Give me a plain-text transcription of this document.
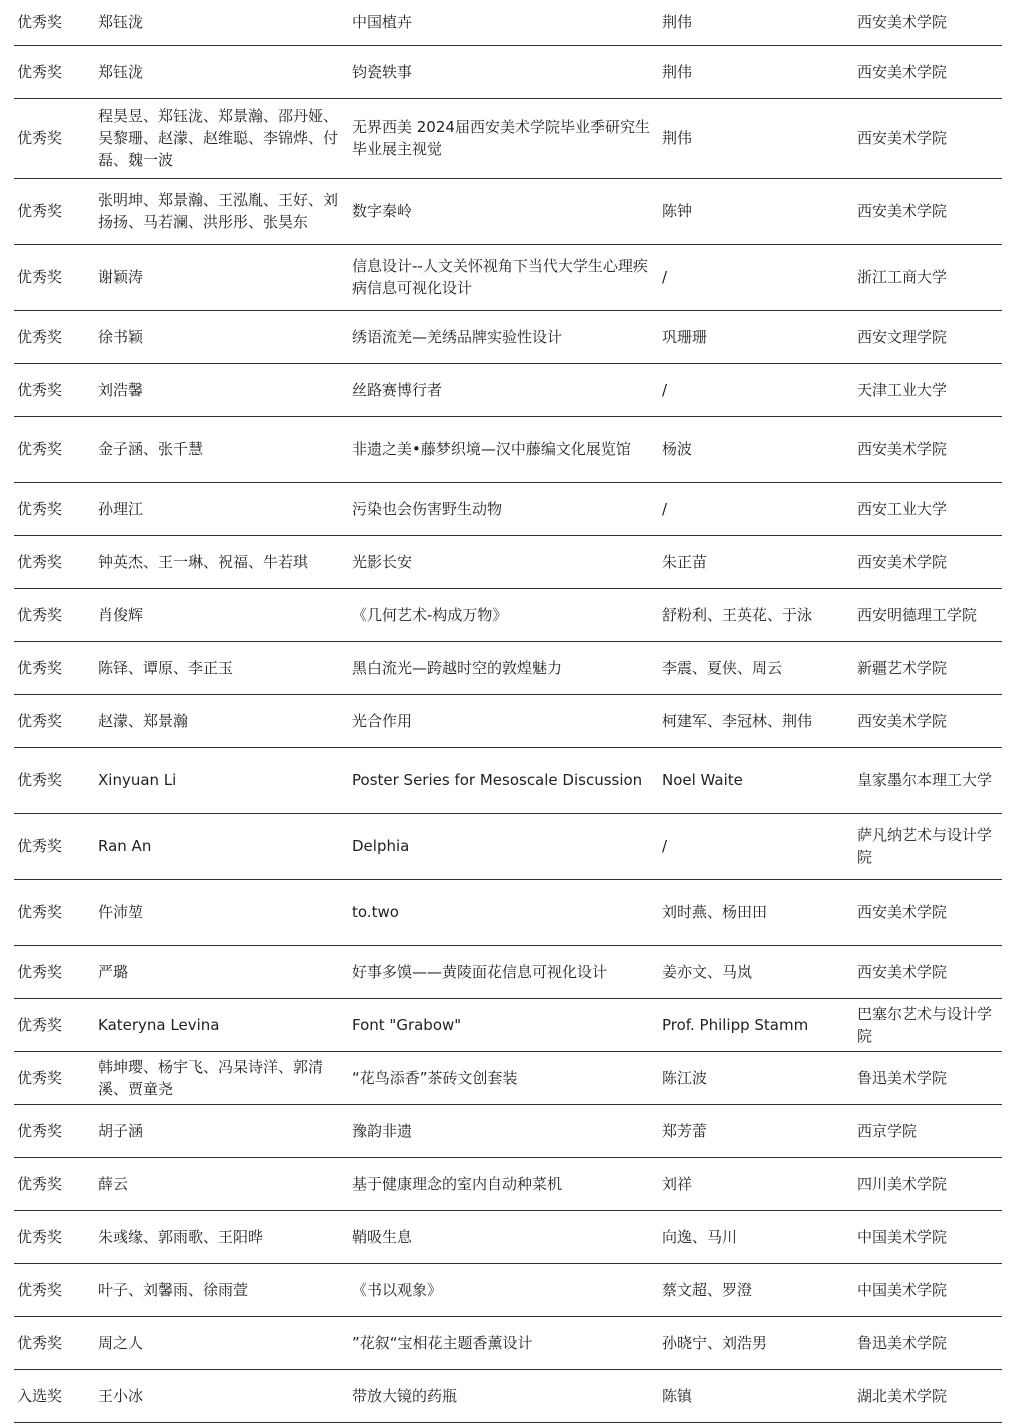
优秀奖	郑钰泷	中国植卉	荆伟	西安美术学院
优秀奖	郑钰泷	钧瓷轶事	荆伟	西安美术学院
优秀奖	程昊昱、郑钰泷、郑景瀚、邵丹娅、吴黎珊、赵濛、赵维聪、李锦烨、付磊、魏一波	无界西美 2024届西安美术学院毕业季研究生毕业展主视觉	荆伟	西安美术学院
优秀奖	张明坤、郑景瀚、王泓胤、王好、刘扬扬、马若澜、洪彤彤、张昊东	数字秦岭	陈钟	西安美术学院
优秀奖	谢颖涛	信息设计--人文关怀视角下当代大学生心理疾病信息可视化设计	/	浙江工商大学
优秀奖	徐书颖	绣语流羌—羌绣品牌实验性设计	巩珊珊	西安文理学院
优秀奖	刘浩馨	丝路赛博行者	/	天津工业大学
优秀奖	金子涵、张千慧	非遗之美•藤梦织境—汉中藤编文化展览馆	杨波	西安美术学院
优秀奖	孙理江	污染也会伤害野生动物	/	西安工业大学
优秀奖	钟英杰、王一琳、祝福、牛若琪	光影长安	朱正苗	西安美术学院
优秀奖	肖俊辉	《几何艺术-构成万物》	舒粉利、王英花、于泳	西安明德理工学院
优秀奖	陈铎、谭原、李正玉	黑白流光—跨越时空的敦煌魅力	李震、夏侠、周云	新疆艺术学院
优秀奖	赵濛、郑景瀚	光合作用	柯建军、李冠林、荆伟	西安美术学院
优秀奖	Xinyuan Li	Poster Series for Mesoscale Discussion	Noel Waite	皇家墨尔本理工大学
优秀奖	Ran An	Delphia	/	萨凡纳艺术与设计学院
优秀奖	仵沛堃	to.two	刘时燕、杨田田	西安美术学院
优秀奖	严璐	好事多馍——黄陵面花信息可视化设计	姜亦文、马岚	西安美术学院
优秀奖	Kateryna Levina	Font "Grabow"	Prof. Philipp Stamm	巴塞尔艺术与设计学院
优秀奖	韩坤璎、杨宇飞、冯杲诗洋、郭清溪、贾童尧	“花鸟添香”茶砖文创套装	陈江波	鲁迅美术学院
优秀奖	胡子涵	豫韵非遗	郑芳蕾	西京学院
优秀奖	薛云	基于健康理念的室内自动种菜机	刘祥	四川美术学院
优秀奖	朱彧缘、郭雨歌、王阳晔	鞘吸生息	向逸、马川	中国美术学院
优秀奖	叶子、刘馨雨、徐雨萱	《书以观象》	蔡文超、罗澄	中国美术学院
优秀奖	周之人	”花叙“宝相花主题香薰设计	孙晓宁、刘浩男	鲁迅美术学院
入选奖	王小冰	带放大镜的药瓶	陈镇	湖北美术学院
